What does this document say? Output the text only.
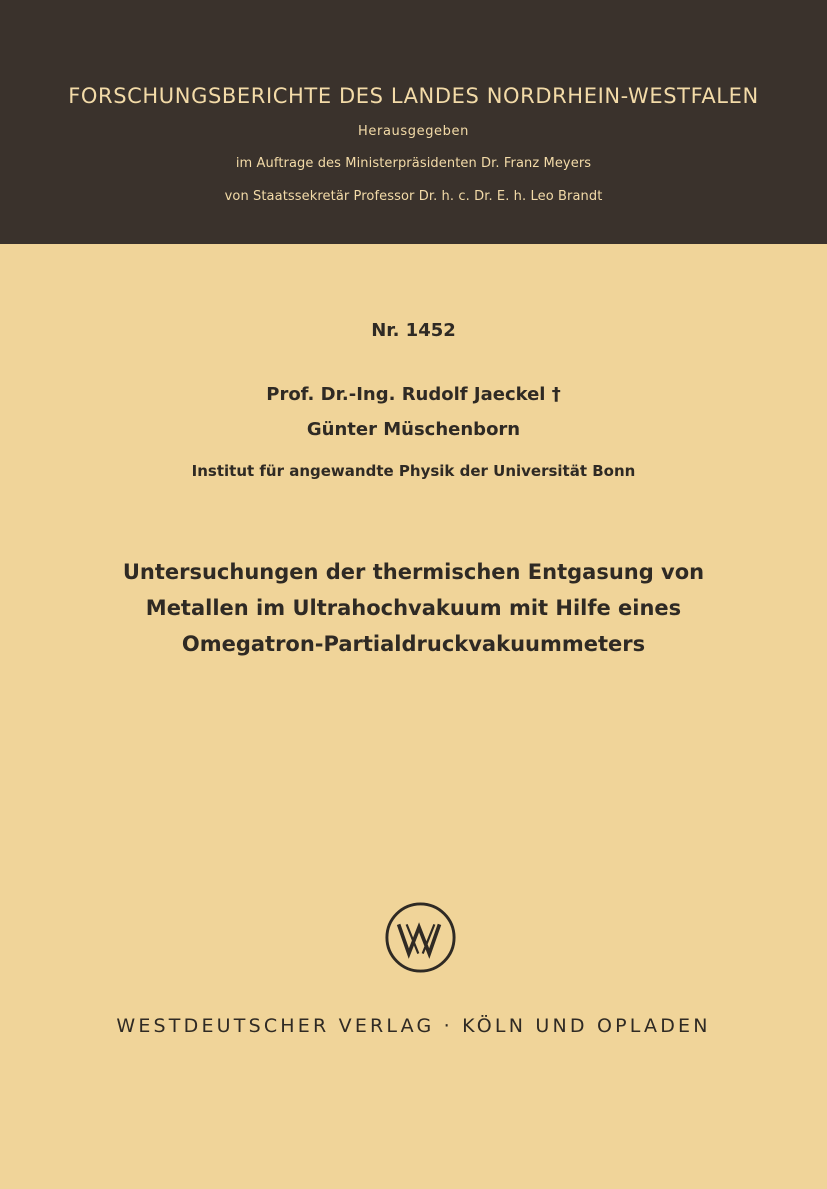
FORSCHUNGSBERICHTE DES LANDES NORDRHEIN-WESTFALEN
Herausgegeben
im Auftrage des Ministerpräsidenten Dr. Franz Meyers
von Staatssekretär Professor Dr. h. c. Dr. E. h. Leo Brandt
Nr. 1452
Prof. Dr.-Ing. Rudolf Jaeckel †
Günter Müschenborn
Institut für angewandte Physik der Universität Bonn
Untersuchungen der thermischen Entgasung von
Metallen im Ultrahochvakuum mit Hilfe eines
Omegatron-Partialdruckvakuummeters
WESTDEUTSCHER VERLAG · KÖLN UND OPLADEN
